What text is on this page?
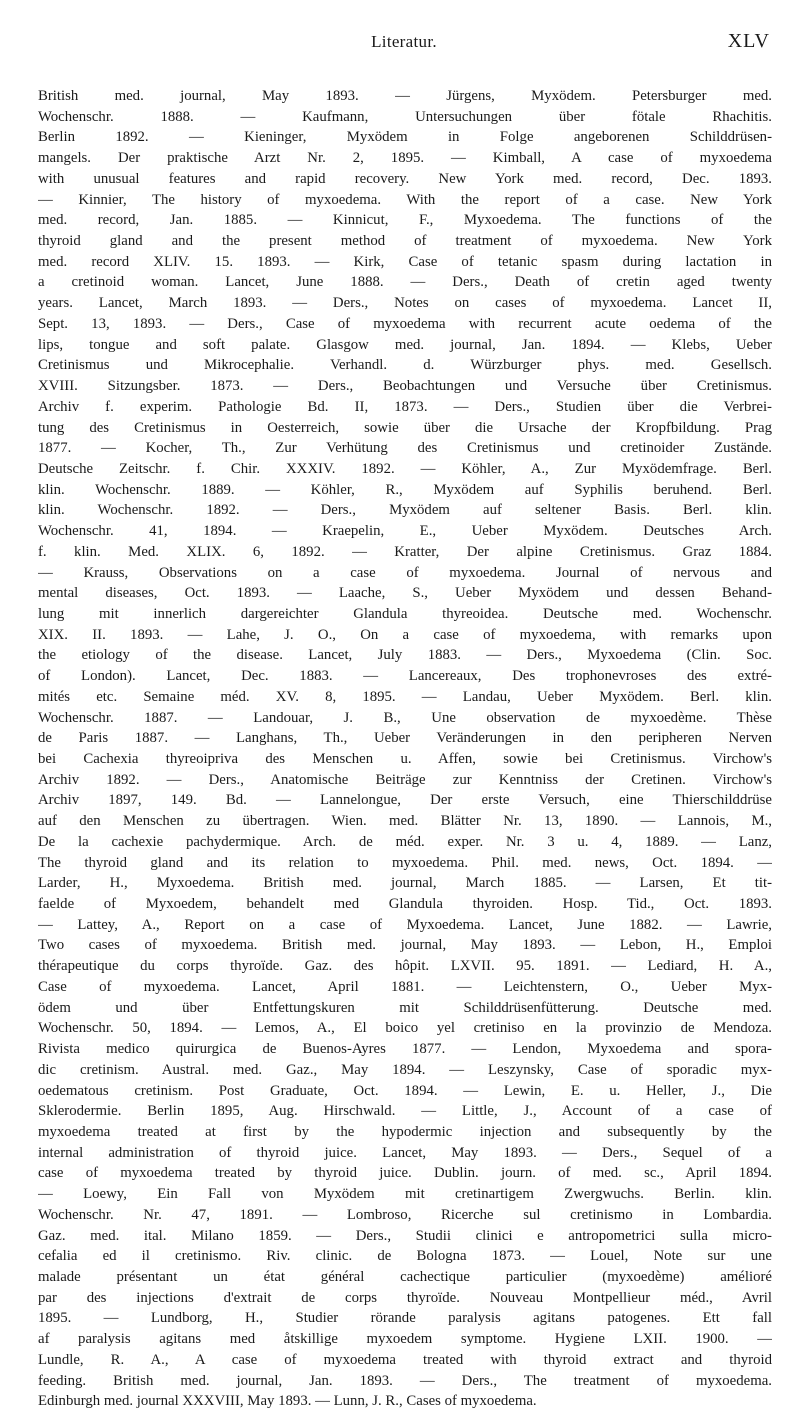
Literatur.	XLV
British med. journal, May 1893. — Jürgens, Myxödem. Petersburger med.
Wochenschr. 1888. — Kaufmann, Untersuchungen über fötale Rhachitis.
Berlin 1892. — Kieninger, Myxödem in Folge angeborenen Schilddrüsen-
mangels. Der praktische Arzt Nr. 2, 1895. — Kimball, A case of myxoedema
with unusual features and rapid recovery. New York med. record, Dec. 1893.
— Kinnier, The history of myxoedema. With the report of a case. New York
med. record, Jan. 1885. — Kinnicut, F., Myxoedema. The functions of the
thyroid gland and the present method of treatment of myxoedema. New York
med. record XLIV. 15. 1893. — Kirk, Case of tetanic spasm during lactation in
a cretinoid woman. Lancet, June 1888. — Ders., Death of cretin aged twenty
years. Lancet, March 1893. — Ders., Notes on cases of myxoedema. Lancet II,
Sept. 13, 1893. — Ders., Case of myxoedema with recurrent acute oedema of the
lips, tongue and soft palate. Glasgow med. journal, Jan. 1894. — Klebs, Ueber
Cretinismus und Mikrocephalie. Verhandl. d. Würzburger phys. med. Gesellsch.
XVIII. Sitzungsber. 1873. — Ders., Beobachtungen und Versuche über Cretinismus.
Archiv f. experim. Pathologie Bd. II, 1873. — Ders., Studien über die Verbrei-
tung des Cretinismus in Oesterreich, sowie über die Ursache der Kropfbildung. Prag
1877. — Kocher, Th., Zur Verhütung des Cretinismus und cretinoider Zustände.
Deutsche Zeitschr. f. Chir. XXXIV. 1892. — Köhler, A., Zur Myxödemfrage. Berl.
klin. Wochenschr. 1889. — Köhler, R., Myxödem auf Syphilis beruhend. Berl.
klin. Wochenschr. 1892. — Ders., Myxödem auf seltener Basis. Berl. klin.
Wochenschr. 41, 1894. — Kraepelin, E., Ueber Myxödem. Deutsches Arch.
f. klin. Med. XLIX. 6, 1892. — Kratter, Der alpine Cretinismus. Graz 1884.
— Krauss, Observations on a case of myxoedema. Journal of nervous and
mental diseases, Oct. 1893. — Laache, S., Ueber Myxödem und dessen Behand-
lung mit innerlich dargereichter Glandula thyreoidea. Deutsche med. Wochenschr.
XIX. II. 1893. — Lahe, J. O., On a case of myxoedema, with remarks upon
the etiology of the disease. Lancet, July 1883. — Ders., Myxoedema (Clin. Soc.
of London). Lancet, Dec. 1883. — Lancereaux, Des trophonevroses des extré-
mités etc. Semaine méd. XV. 8, 1895. — Landau, Ueber Myxödem. Berl. klin.
Wochenschr. 1887. — Landouar, J. B., Une observation de myxoedème. Thèse
de Paris 1887. — Langhans, Th., Ueber Veränderungen in den peripheren Nerven
bei Cachexia thyreoipriva des Menschen u. Affen, sowie bei Cretinismus. Virchow's
Archiv 1892. — Ders., Anatomische Beiträge zur Kenntniss der Cretinen. Virchow's
Archiv 1897, 149. Bd. — Lannelongue, Der erste Versuch, eine Thierschilddrüse
auf den Menschen zu übertragen. Wien. med. Blätter Nr. 13, 1890. — Lannois, M.,
De la cachexie pachydermique. Arch. de méd. exper. Nr. 3 u. 4, 1889. — Lanz,
The thyroid gland and its relation to myxoedema. Phil. med. news, Oct. 1894. —
Larder, H., Myxoedema. British med. journal, March 1885. — Larsen, Et tit-
faelde of Myxoedem, behandelt med Glandula thyroiden. Hosp. Tid., Oct. 1893.
— Lattey, A., Report on a case of Myxoedema. Lancet, June 1882. — Lawrie,
Two cases of myxoedema. British med. journal, May 1893. — Lebon, H., Emploi
thérapeutique du corps thyroïde. Gaz. des hôpit. LXVII. 95. 1891. — Lediard, H. A.,
Case of myxoedema. Lancet, April 1881. — Leichtenstern, O., Ueber Myx-
ödem und über Entfettungskuren mit Schilddrüsenfütterung. Deutsche med.
Wochenschr. 50, 1894. — Lemos, A., El boico yel cretiniso en la provinzio de Mendoza.
Rivista medico quirurgica de Buenos-Ayres 1877. — Lendon, Myxoedema and spora-
dic cretinism. Austral. med. Gaz., May 1894. — Leszynsky, Case of sporadic myx-
oedematous cretinism. Post Graduate, Oct. 1894. — Lewin, E. u. Heller, J., Die
Sklerodermie. Berlin 1895, Aug. Hirschwald. — Little, J., Account of a case of
myxoedema treated at first by the hypodermic injection and subsequently by the
internal administration of thyroid juice. Lancet, May 1893. — Ders., Sequel of a
case of myxoedema treated by thyroid juice. Dublin. journ. of med. sc., April 1894.
— Loewy, Ein Fall von Myxödem mit cretinartigem Zwergwuchs. Berlin. klin.
Wochenschr. Nr. 47, 1891. — Lombroso, Ricerche sul cretinismo in Lombardia.
Gaz. med. ital. Milano 1859. — Ders., Studii clinici e antropometrici sulla micro-
cefalia ed il cretinismo. Riv. clinic. de Bologna 1873. — Louel, Note sur une
malade présentant un état général cachectique particulier (myxoedème) amélioré
par des injections d'extrait de corps thyroïde. Nouveau Montpellieur méd., Avril
1895. — Lundborg, H., Studier rörande paralysis agitans patogenes. Ett fall
af paralysis agitans med åtskillige myxoedem symptome. Hygiene LXII. 1900. —
Lundle, R. A., A case of myxoedema treated with thyroid extract and thyroid
feeding. British med. journal, Jan. 1893. — Ders., The treatment of myxoedema.
Edinburgh med. journal XXXVIII, May 1893. — Lunn, J. R., Cases of myxoedema.
